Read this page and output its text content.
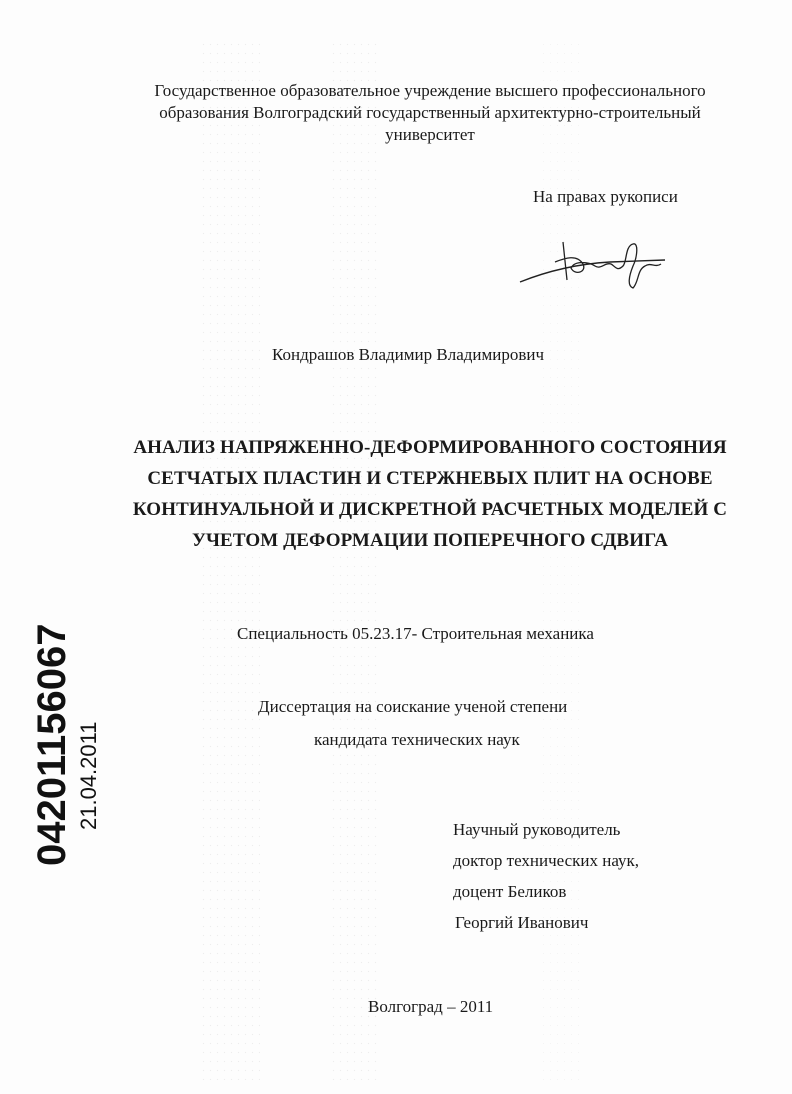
Государственное образовательное учреждение высшего профессионального
образования Волгоградский государственный архитектурно-строительный
университет
На правах рукописи
Кондрашов Владимир Владимирович
АНАЛИЗ НАПРЯЖЕННО-ДЕФОРМИРОВАННОГО СОСТОЯНИЯ
СЕТЧАТЫХ ПЛАСТИН И СТЕРЖНЕВЫХ ПЛИТ НА ОСНОВЕ
КОНТИНУАЛЬНОЙ И ДИСКРЕТНОЙ РАСЧЕТНЫХ МОДЕЛЕЙ С
УЧЕТОМ ДЕФОРМАЦИИ ПОПЕРЕЧНОГО СДВИГА
Специальность 05.23.17- Строительная механика
Диссертация на соискание ученой степени
кандидата технических наук
Научный руководитель
доктор технических наук,
доцент Беликов
Георгий Иванович
Волгоград – 2011
04201156067 21.04.2011
